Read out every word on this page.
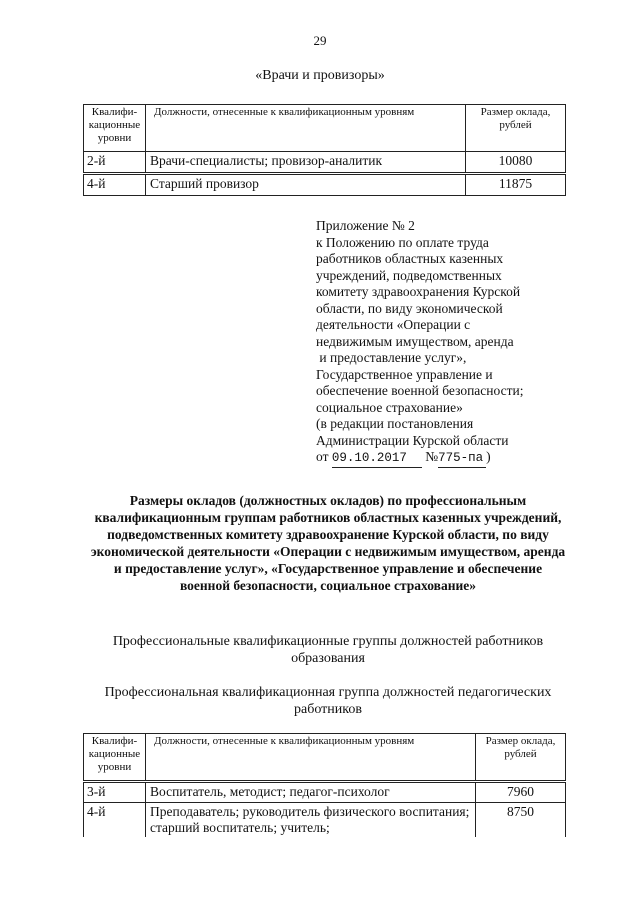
29
«Врачи и провизоры»
Квалифи-кационные уровни	Должности, отнесенные к квалификационным уровням	Размер оклада, рублей
2-й	Врачи-специалисты; провизор-аналитик	10080
4-й	Старший провизор	11875
Приложение № 2
к Положению по оплате труда
работников областных казенных
учреждений, подведомственных
комитету здравоохранения Курской
области, по виду экономической
деятельности «Операции с
недвижимым имуществом, аренда
и предоставление услуг»,
Государственное управление и
обеспечение военной безопасности;
социальное страхование»
(в редакции постановления
Администрации Курской области
от 09.10.2017 №775-па )
Размеры окладов (должностных окладов) по профессиональным квалификационным группам работников областных казенных учреждений, подведомственных комитету здравоохранение Курской области, по виду экономической деятельности «Операции с недвижимым имуществом, аренда и предоставление услуг», «Государственное управление и обеспечение военной безопасности, социальное страхование»
Профессиональные квалификационные группы должностей работников образования
Профессиональная квалификационная группа должностей педагогических работников
Квалифи-кационные уровни	Должности, отнесенные к квалификационным уровням	Размер оклада, рублей
3-й	Воспитатель, методист; педагог-психолог	7960
4-й	Преподаватель; руководитель физического воспитания; старший воспитатель; учитель;	8750
